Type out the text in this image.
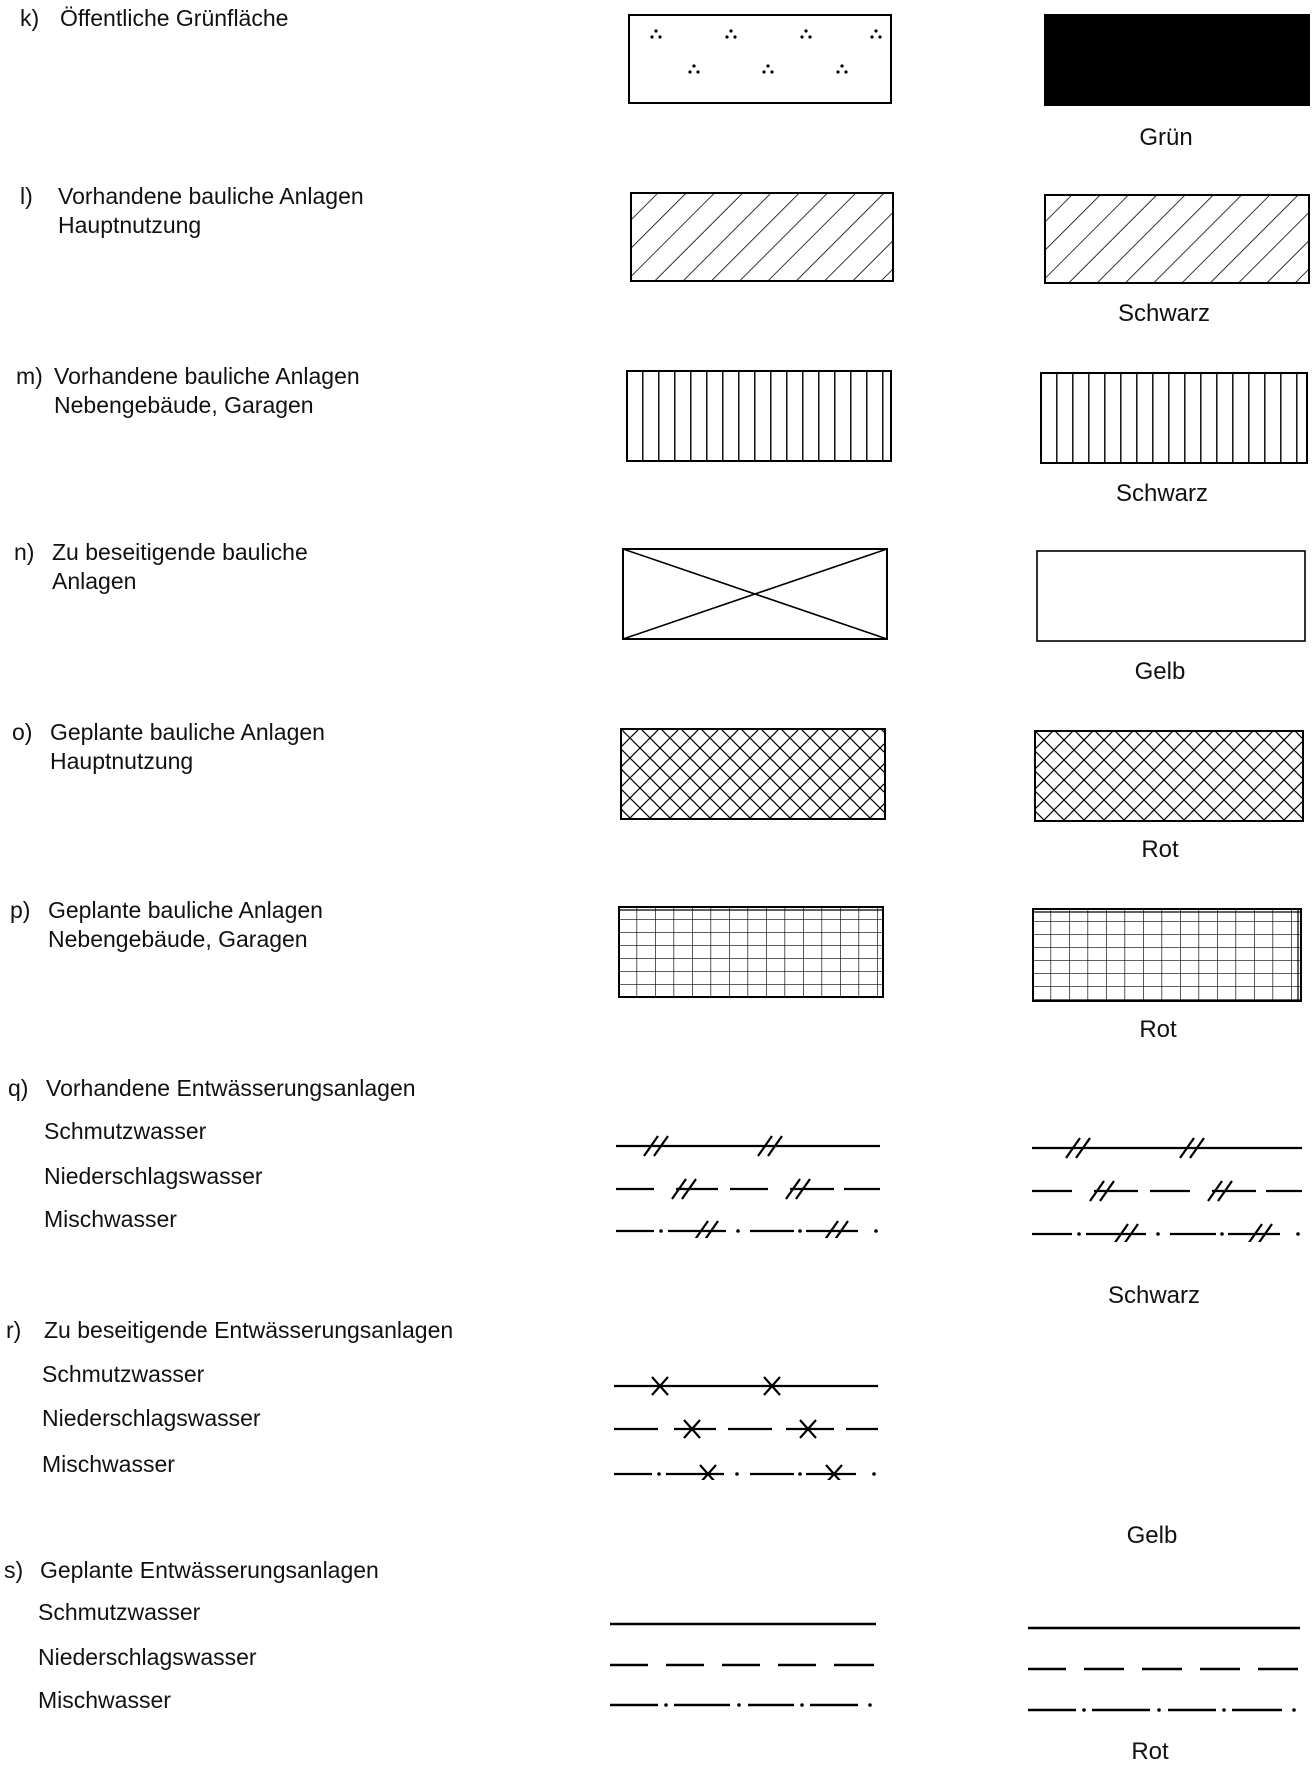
k) Öffentliche Grünfläche
Grün
l) Vorhandene bauliche Anlagen
Hauptnutzung
Schwarz
m) Vorhandene bauliche Anlagen
Nebengebäude, Garagen
Schwarz
n) Zu beseitigende bauliche
Anlagen
Gelb
o) Geplante bauliche Anlagen
Hauptnutzung
Rot
p) Geplante bauliche Anlagen
Nebengebäude, Garagen
Rot
q) Vorhandene Entwässerungsanlagen
Schmutzwasser
Niederschlagswasser
Mischwasser
Schwarz
r) Zu beseitigende Entwässerungsanlagen
Schmutzwasser
Niederschlagswasser
Mischwasser
Gelb
s) Geplante Entwässerungsanlagen
Schmutzwasser
Niederschlagswasser
Mischwasser
Rot
